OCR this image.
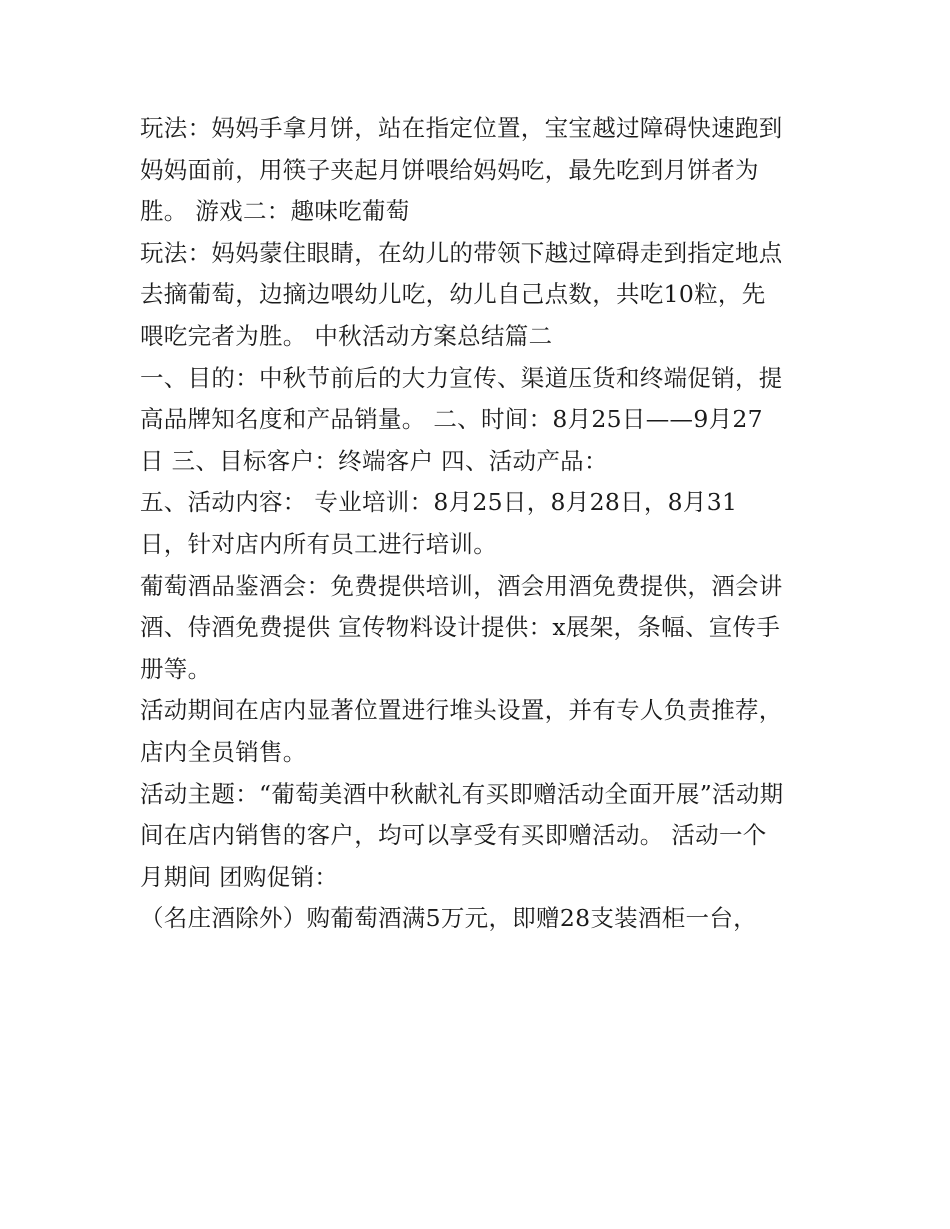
玩法：妈妈手拿月饼，站在指定位置，宝宝越过障碍快速跑到
妈妈面前，用筷子夹起月饼喂给妈妈吃，最先吃到月饼者为
胜。 游戏二：趣味吃葡萄
玩法：妈妈蒙住眼睛，在幼儿的带领下越过障碍走到指定地点
去摘葡萄，边摘边喂幼儿吃，幼儿自己点数，共吃10粒，先
喂吃完者为胜。 中秋活动方案总结篇二
一、目的：中秋节前后的大力宣传、渠道压货和终端促销，提
高品牌知名度和产品销量。 二、时间：8月25日——9月27
日 三、目标客户：终端客户 四、活动产品：
五、活动内容： 专业培训：8月25日，8月28日，8月31
日，针对店内所有员工进行培训。
葡萄酒品鉴酒会：免费提供培训，酒会用酒免费提供，酒会讲
酒、侍酒免费提供 宣传物料设计提供：x展架，条幅、宣传手
册等。
活动期间在店内显著位置进行堆头设置，并有专人负责推荐，
店内全员销售。
活动主题：“葡萄美酒中秋献礼有买即赠活动全面开展”活动期
间在店内销售的客户，均可以享受有买即赠活动。 活动一个
月期间 团购促销：
（名庄酒除外）购葡萄酒满5万元，即赠28支装酒柜一台，
